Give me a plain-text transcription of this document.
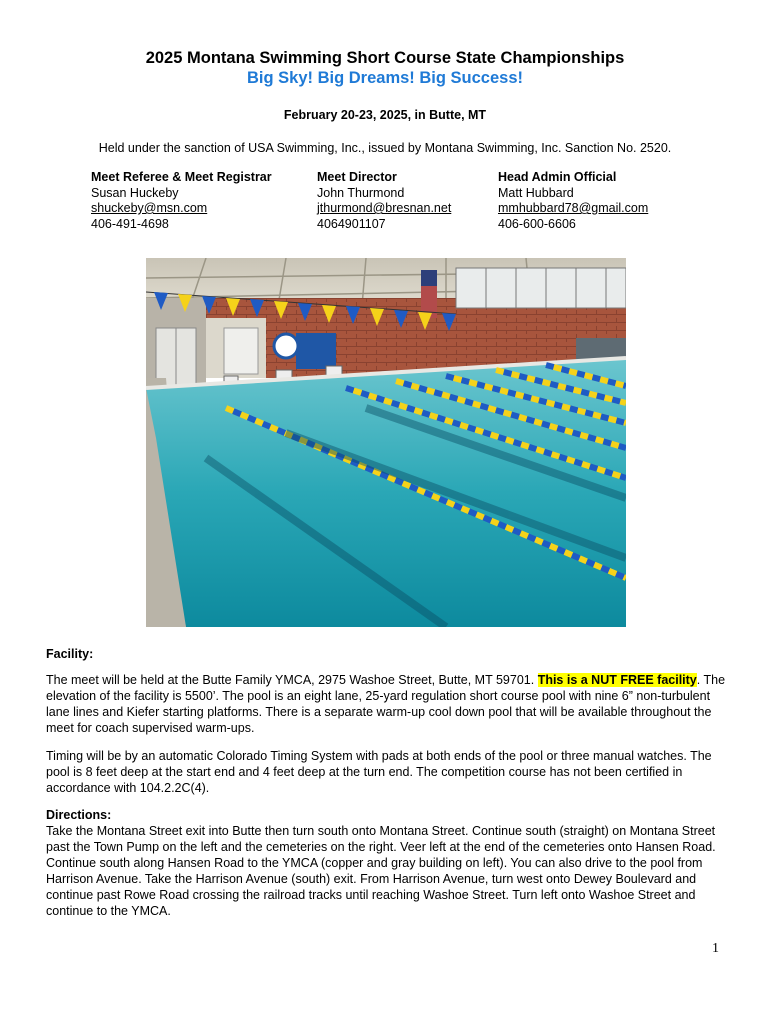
2025 Montana Swimming Short Course State Championships
Big Sky! Big Dreams! Big Success!
February 20-23, 2025, in Butte, MT
Held under the sanction of USA Swimming, Inc., issued by Montana Swimming, Inc. Sanction No. 2520.
Meet Referee & Meet Registrar
Susan Huckeby
shuckeby@msn.com
406-491-4698
Meet Director
John Thurmond
jthurmond@bresnan.net
4064901107
Head Admin Official
Matt Hubbard
mmhubbard78@gmail.com
406-600-6606
Facility:

The meet will be held at the Butte Family YMCA, 2975 Washoe Street, Butte, MT 59701. This is a NUT FREE facility. The elevation of the facility is 5500’. The pool is an eight lane, 25-yard regulation short course pool with nine 6” non-turbulent lane lines and Kiefer starting platforms. There is a separate warm-up cool down pool that will be available throughout the meet for coach supervised warm-ups.

Timing will be by an automatic Colorado Timing System with pads at both ends of the pool or three manual watches. The pool is 8 feet deep at the start end and 4 feet deep at the turn end. The competition course has not been certified in accordance with 104.2.2C(4).

Directions:
Take the Montana Street exit into Butte then turn south onto Montana Street. Continue south (straight) on Montana Street past the Town Pump on the left and the cemeteries on the right. Veer left at the end of the cemeteries onto Hansen Road. Continue south along Hansen Road to the YMCA (copper and gray building on left). You can also drive to the pool from Harrison Avenue. Take the Harrison Avenue (south) exit. From Harrison Avenue, turn west onto Dewey Boulevard and continue past Rowe Road crossing the railroad tracks until reaching Washoe Street. Turn left onto Washoe Street and continue to the YMCA.
1
